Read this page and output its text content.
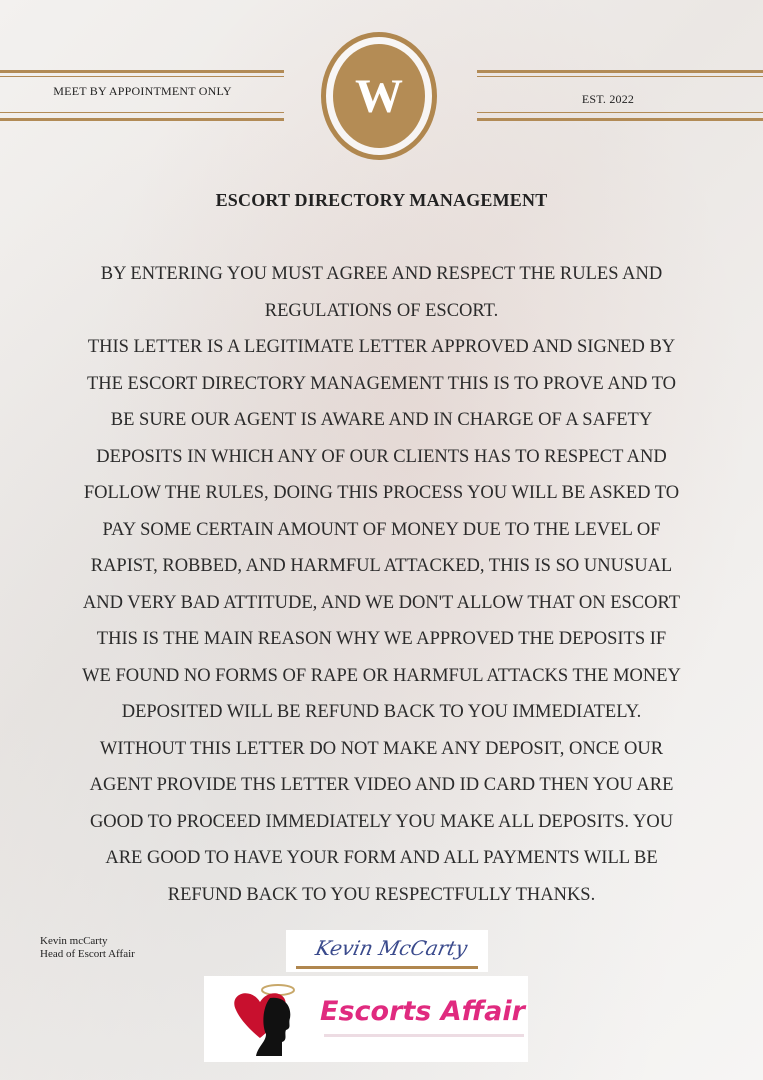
MEET BY APPOINTMENT ONLY
EST. 2022
W
ESCORT DIRECTORY MANAGEMENT
BY ENTERING YOU MUST AGREE AND RESPECT THE RULES AND
REGULATIONS OF ESCORT.
THIS LETTER IS A LEGITIMATE LETTER APPROVED AND SIGNED BY
THE ESCORT DIRECTORY MANAGEMENT THIS IS TO PROVE AND TO
BE SURE OUR AGENT IS AWARE AND IN CHARGE OF A SAFETY
DEPOSITS IN WHICH ANY OF OUR CLIENTS HAS TO RESPECT AND
FOLLOW THE RULES, DOING THIS PROCESS YOU WILL BE ASKED TO
PAY SOME CERTAIN AMOUNT OF MONEY DUE TO THE LEVEL OF
RAPIST, ROBBED, AND HARMFUL ATTACKED, THIS IS SO UNUSUAL
AND VERY BAD ATTITUDE, AND WE DON'T ALLOW THAT ON ESCORT
THIS IS THE MAIN REASON WHY WE APPROVED THE DEPOSITS IF
WE FOUND NO FORMS OF RAPE OR HARMFUL ATTACKS THE MONEY
DEPOSITED WILL BE REFUND BACK TO YOU IMMEDIATELY.
WITHOUT THIS LETTER DO NOT MAKE ANY DEPOSIT, ONCE OUR
AGENT PROVIDE THS LETTER VIDEO AND ID CARD THEN YOU ARE
GOOD TO PROCEED IMMEDIATELY YOU MAKE ALL DEPOSITS. YOU
ARE GOOD TO HAVE YOUR FORM AND ALL PAYMENTS WILL BE
REFUND BACK TO YOU RESPECTFULLY THANKS.
Kevin mcCarty
Head of Escort Affair	Kevin McCarty
Escorts Affair
